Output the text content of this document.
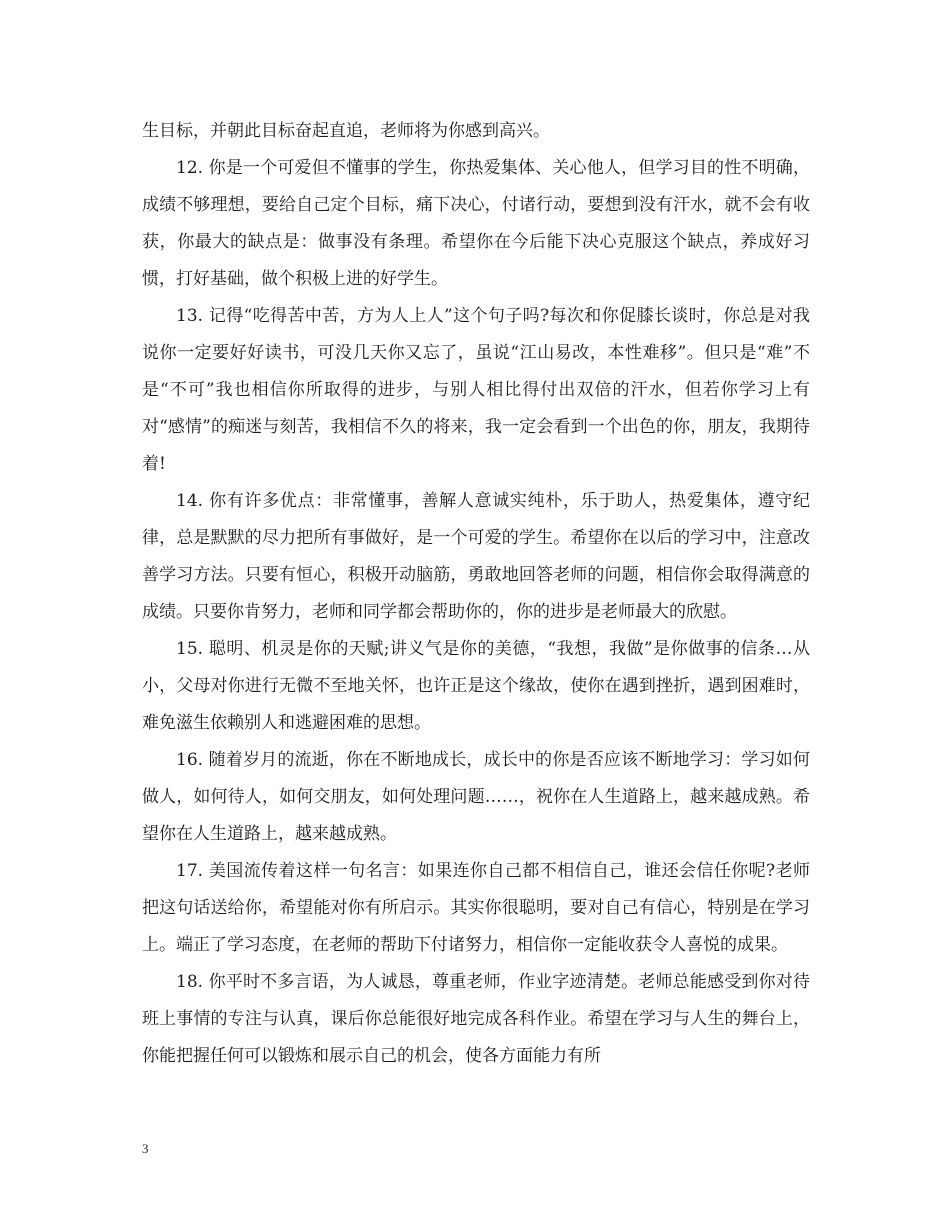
生目标，并朝此目标奋起直追，老师将为你感到高兴。

12. 你是一个可爱但不懂事的学生，你热爱集体、关心他人，但学习目的性不明确，成绩不够理想，要给自己定个目标，痛下决心，付诸行动，要想到没有汗水，就不会有收获，你最大的缺点是：做事没有条理。希望你在今后能下决心克服这个缺点，养成好习惯，打好基础，做个积极上进的好学生。

13. 记得“吃得苦中苦，方为人上人”这个句子吗?每次和你促膝长谈时，你总是对我说你一定要好好读书，可没几天你又忘了，虽说“江山易改，本性难移”。但只是“难”不是“不可”我也相信你所取得的进步，与别人相比得付出双倍的汗水，但若你学习上有对“感情”的痴迷与刻苦，我相信不久的将来，我一定会看到一个出色的你，朋友，我期待着!

14. 你有许多优点：非常懂事，善解人意诚实纯朴，乐于助人，热爱集体，遵守纪律，总是默默的尽力把所有事做好，是一个可爱的学生。希望你在以后的学习中，注意改善学习方法。只要有恒心，积极开动脑筋，勇敢地回答老师的问题，相信你会取得满意的成绩。只要你肯努力，老师和同学都会帮助你的，你的进步是老师最大的欣慰。

15. 聪明、机灵是你的天赋;讲义气是你的美德，“我想，我做”是你做事的信条…从小，父母对你进行无微不至地关怀，也许正是这个缘故，使你在遇到挫折，遇到困难时，难免滋生依赖别人和逃避困难的思想。

16. 随着岁月的流逝，你在不断地成长，成长中的你是否应该不断地学习：学习如何做人，如何待人，如何交朋友，如何处理问题……，祝你在人生道路上，越来越成熟。希望你在人生道路上，越来越成熟。

17. 美国流传着这样一句名言：如果连你自己都不相信自己，谁还会信任你呢?老师把这句话送给你，希望能对你有所启示。其实你很聪明，要对自己有信心，特别是在学习上。端正了学习态度，在老师的帮助下付诸努力，相信你一定能收获令人喜悦的成果。

18. 你平时不多言语，为人诚恳，尊重老师，作业字迹清楚。老师总能感受到你对待班上事情的专注与认真，课后你总能很好地完成各科作业。希望在学习与人生的舞台上，你能把握任何可以锻炼和展示自己的机会，使各方面能力有所

3
